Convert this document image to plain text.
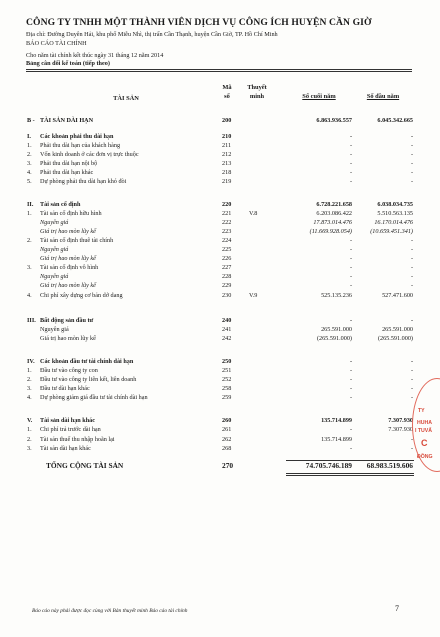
CÔNG TY TNHH MỘT THÀNH VIÊN DỊCH VỤ CÔNG ÍCH HUYỆN CẦN GIỜ
Địa chỉ: Đường Duyên Hải, khu phố Miễu Nhì, thị trấn Cần Thạnh, huyện Cần Giờ, TP. Hồ Chí Minh
BÁO CÁO TÀI CHÍNH
Cho năm tài chính kết thúc ngày 31 tháng 12 năm 2014
Bảng cân đối kế toán (tiếp theo)
TÀI SẢN
Mã
số
Thuyết
minh	Số cuối năm	Số đầu năm
B - TÀI SẢN DÀI HẠN	200	6.863.936.557	6.045.342.665
I. Các khoản phải thu dài hạn	210	-	-
1. Phải thu dài hạn của khách hàng	211	-	-
2. Vốn kinh doanh ở các đơn vị trực thuộc	212	-	-
3. Phải thu dài hạn nội bộ	213	-	-
4. Phải thu dài hạn khác	218	-	-
5. Dự phòng phải thu dài hạn khó đòi	219	-	-
II. Tài sản cố định	220	6.728.221.658	6.038.034.735
1. Tài sản cố định hữu hình	221	V.8	6.203.086.422	5.510.563.135
Nguyên giá	222	17.873.014.476	16.170.014.476
Giá trị hao mòn lũy kế	223	(11.669.928.054)	(10.659.451.341)
2. Tài sản cố định thuê tài chính	224	-	-
Nguyên giá	225	-	-
Giá trị hao mòn lũy kế	226	-	-
3. Tài sản cố định vô hình	227	-	-
Nguyên giá	228	-	-
Giá trị hao mòn lũy kế	229	-	-
4. Chi phí xây dựng cơ bản dở dang	230	V.9	525.135.236	527.471.600
III. Bất động sản đầu tư	240	-	-
Nguyên giá	241	265.591.000	265.591.000
Giá trị hao mòn lũy kế	242	(265.591.000)	(265.591.000)
IV. Các khoản đầu tư tài chính dài hạn	250	-	-
1. Đầu tư vào công ty con	251	-	-
2. Đầu tư vào công ty liên kết, liên doanh	252	-	-
3. Đầu tư dài hạn khác	258	-	-
4. Dự phòng giảm giá đầu tư tài chính dài hạn	259	-	-
V. Tài sản dài hạn khác	260	135.714.899	7.307.930
1. Chi phí trả trước dài hạn	261	-	7.307.930
2. Tài sản thuế thu nhập hoãn lại	262	135.714.899	-
3. Tài sản dài hạn khác	268	-	-
TỔNG CỘNG TÀI SẢN	270	74.705.746.189 68.983.519.606
TY
HUHA
I TUVẤ
C
ĐỒNG
Báo cáo này phải được đọc cùng với Bản thuyết minh Báo cáo tài chính	7
